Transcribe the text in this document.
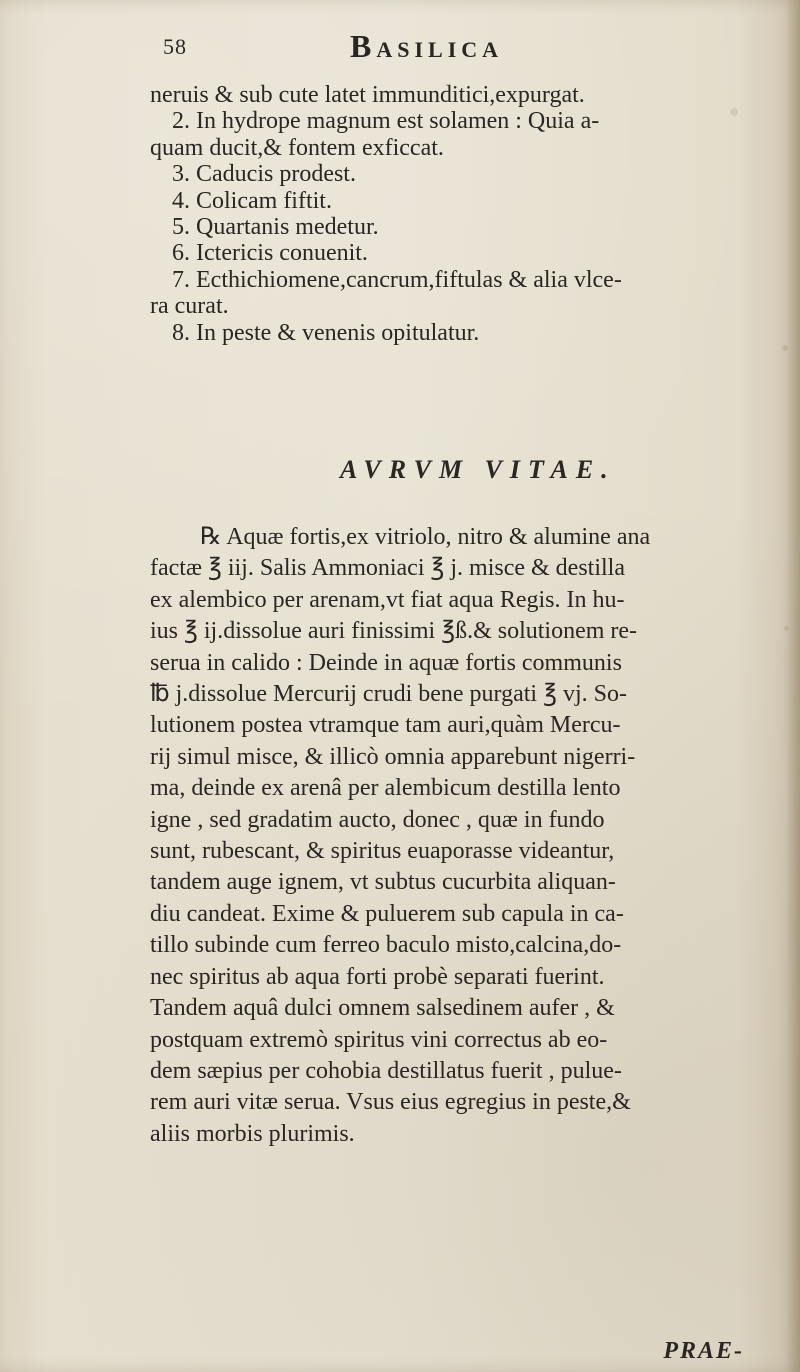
58	Basilica
neruis & sub cute latet immunditici,expurgat.
2. In hydrope magnum est solamen : Quia a-
quam ducit,& fontem exficcat.
3. Caducis prodest.
4. Colicam fiftit.
5. Quartanis medetur.
6. Ictericis conuenit.
7. Ecthichiomene,cancrum,fiftulas & alia vlce-
ra curat.
8. In peste & venenis opitulatur.
AVRVM VITAE.
℞ Aquæ fortis,ex vitriolo, nitro & alumine ana
factæ ℥ iij. Salis Ammoniaci ℥ j. misce & destilla
ex alembico per arenam,vt fiat aqua Regis. In hu-
ius ℥ ij.dissolue auri finissimi ℥ß.& solutionem re-
serua in calido : Deinde in aquæ fortis communis
℔ j.dissolue Mercurij crudi bene purgati ℥ vj. So-
lutionem postea vtramque tam auri,quàm Mercu-
rij simul misce, & illicò omnia apparebunt nigerri-
ma, deinde ex arenâ per alembicum destilla lento
igne , sed gradatim aucto, donec , quæ in fundo
sunt, rubescant, & spiritus euaporasse videantur,
tandem auge ignem, vt subtus cucurbita aliquan-
diu candeat. Exime & puluerem sub capula in ca-
tillo subinde cum ferreo baculo misto,calcina,do-
nec spiritus ab aqua forti probè separati fuerint.
Tandem aquâ dulci omnem salsedinem aufer , &
postquam extremò spiritus vini correctus ab eo-
dem sæpius per cohobia destillatus fuerit , pulue-
rem auri vitæ serua. Vsus eius egregius in peste,&
aliis morbis plurimis.
PRAE-
